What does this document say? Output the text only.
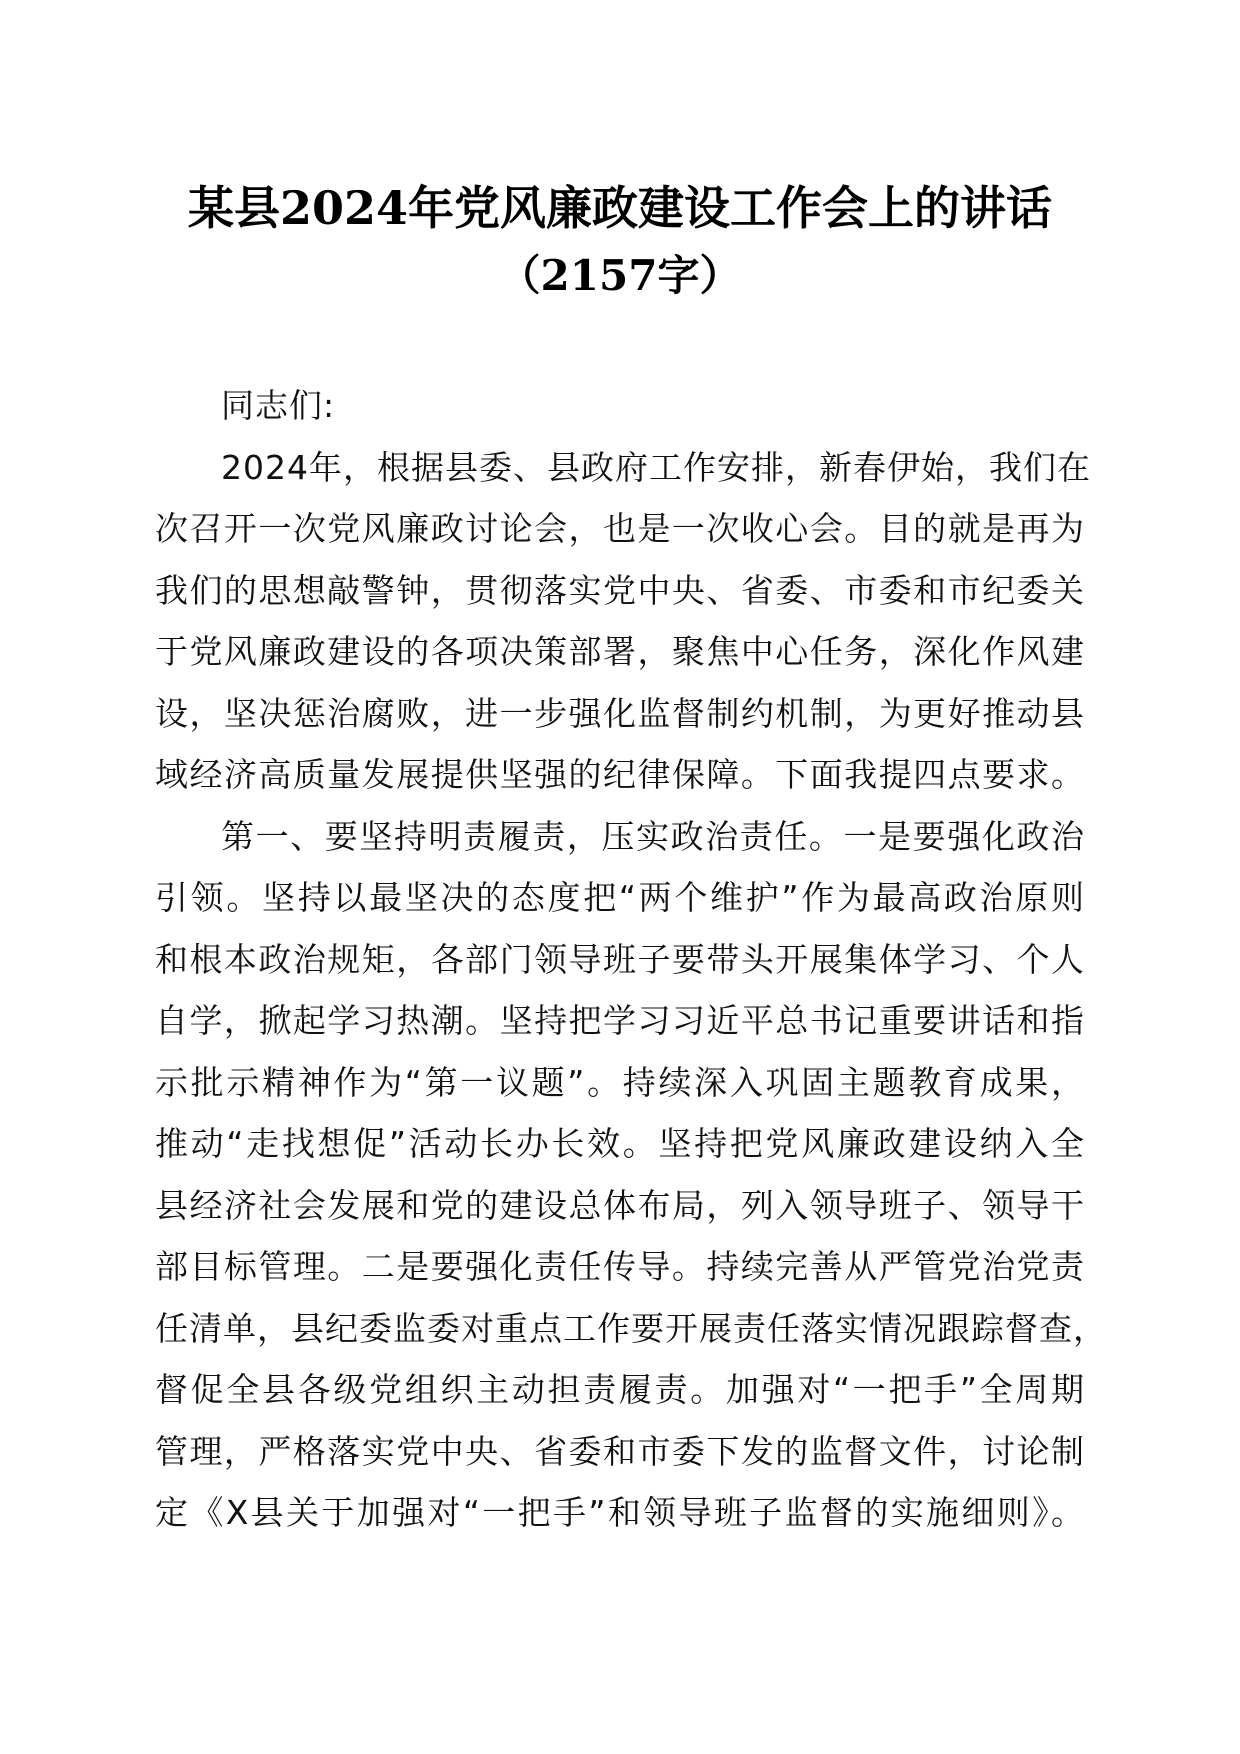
某县2024年党风廉政建设工作会上的讲话
（2157字）
同志们:
2024年，根据县委、县政府工作安排，新春伊始，我们在
次召开一次党风廉政讨论会，也是一次收心会。目的就是再为
我们的思想敲警钟，贯彻落实党中央、省委、市委和市纪委关
于党风廉政建设的各项决策部署，聚焦中心任务，深化作风建
设，坚决惩治腐败，进一步强化监督制约机制，为更好推动县
域经济高质量发展提供坚强的纪律保障。下面我提四点要求。
第一、要坚持明责履责，压实政治责任。一是要强化政治
引领。坚持以最坚决的态度把“两个维护”作为最高政治原则
和根本政治规矩，各部门领导班子要带头开展集体学习、个人
自学，掀起学习热潮。坚持把学习习近平总书记重要讲话和指
示批示精神作为“第一议题”。持续深入巩固主题教育成果，
推动“走找想促”活动长办长效。坚持把党风廉政建设纳入全
县经济社会发展和党的建设总体布局，列入领导班子、领导干
部目标管理。二是要强化责任传导。持续完善从严管党治党责
任清单，县纪委监委对重点工作要开展责任落实情况跟踪督查，
督促全县各级党组织主动担责履责。加强对“一把手”全周期
管理，严格落实党中央、省委和市委下发的监督文件，讨论制
定《X县关于加强对“一把手”和领导班子监督的实施细则》。
